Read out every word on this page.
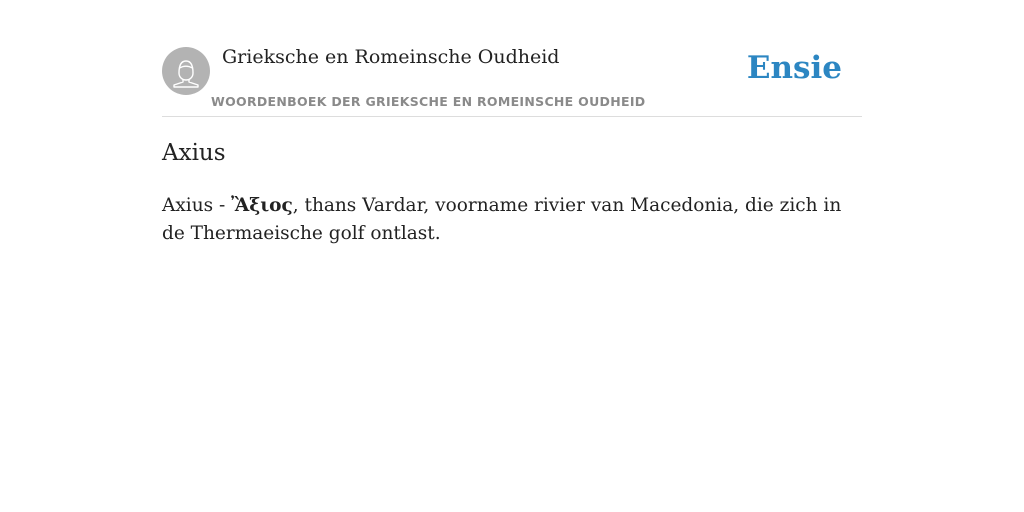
Grieksche en Romeinsche Oudheid
WOORDENBOEK DER GRIEKSCHE EN ROMEINSCHE OUDHEID
Ensie
Axius

Axius - Ἂξιος, thans Vardar, voorname rivier van Macedonia, die zich in de Thermaeische golf ontlast.
